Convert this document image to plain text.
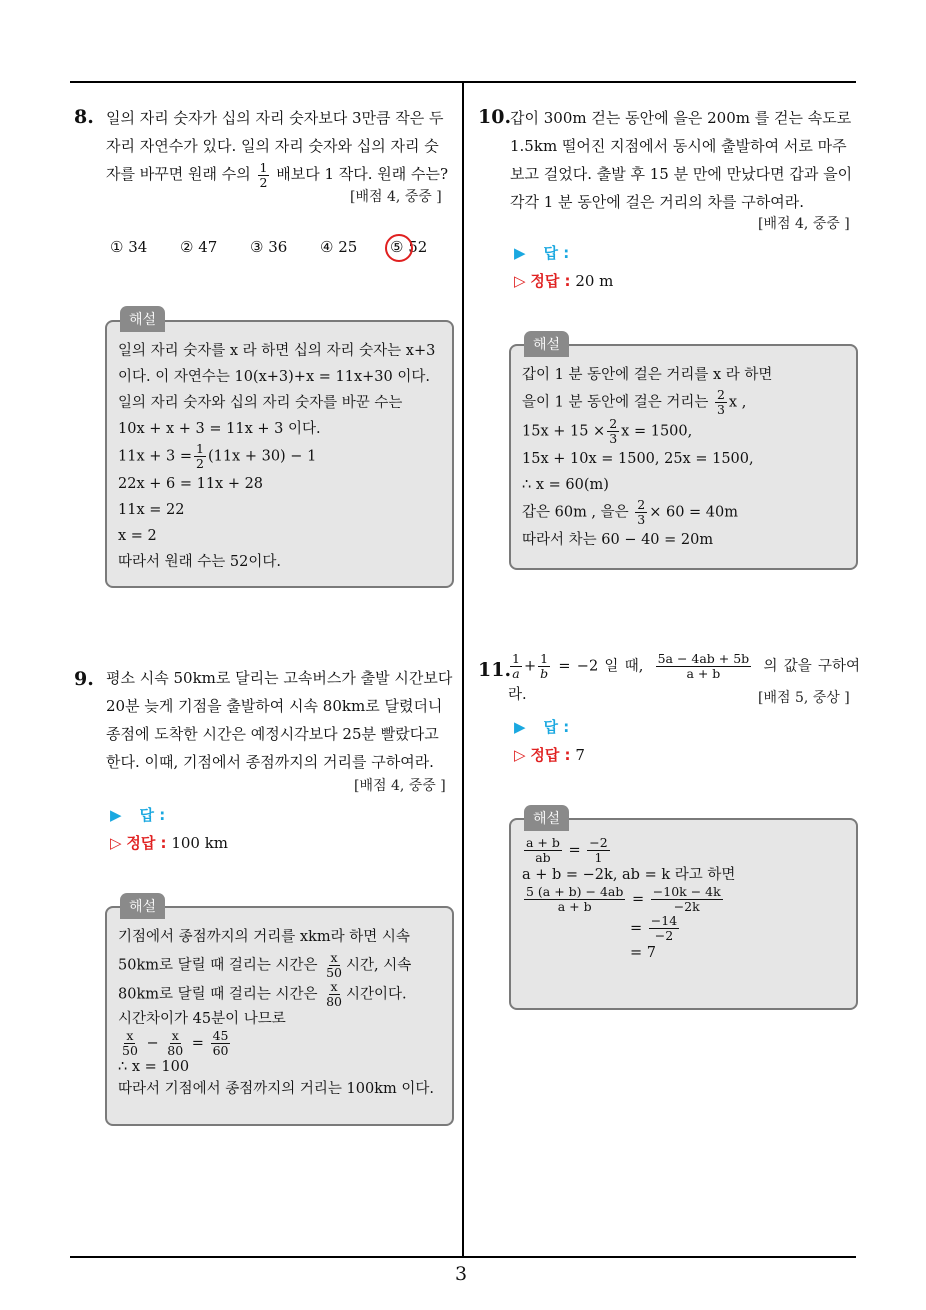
3
8. 일의 자리 숫자가 십의 자리 숫자보다 3만큼 작은 두
자리 자연수가 있다. 일의 자리 숫자와 십의 자리 숫
자를 바꾸면 원래 수의 $\frac{1}{2}$ 배보다 1 작다. 원래 수는?
[배점 4, 중중 ]
① 34	② 47	③ 36	④ 25	⑤ 52
해설
일의 자리 숫자를 x 라 하면 십의 자리 숫자는 x+3
이다. 이 자연수는 10(x+3)+x = 11x+30 이다.
일의 자리 숫자와 십의 자리 숫자를 바꾼 수는
10x + x + 3 = 11x + 3 이다.
$11x + 3 = \frac{1}{2} (11x + 30) - 1$
22x + 6 = 11x + 28
11x = 22
x = 2
따라서 원래 수는 52이다.
9. 평소 시속 50km로 달리는 고속버스가 출발 시간보다
20분 늦게 기점을 출발하여 시속 80km로 달렸더니
종점에 도착한 시간은 예정시각보다 25분 빨랐다고
한다. 이때, 기점에서 종점까지의 거리를 구하여라.
[배점 4, 중중 ]
▶ 답 :
▷ 정답 : 100 km
해설
기점에서 종점까지의 거리를 xkm라 하면 시속
50km로 달릴 때 걸리는 시간은 $\frac{x}{50}$ 시간, 시속
80km로 달릴 때 걸리는 시간은 $\frac{x}{80}$ 시간이다.
시간차이가 45분이 나므로
$\frac{x}{50} - \frac{x}{80} = \frac{45}{60}$
∴ x = 100
따라서 기점에서 종점까지의 거리는 100km 이다.
10.
갑이 300m 걷는 동안에 을은 200m 를 걷는 속도로
1.5km 떨어진 지점에서 동시에 출발하여 서로 마주
보고 걸었다. 출발 후 15 분 만에 만났다면 갑과 을이
각각 1 분 동안에 걸은 거리의 차를 구하여라.
[배점 4, 중중 ]
▶ 답 :
▷ 정답 : 20 m
해설
갑이 1 분 동안에 걸은 거리를 x 라 하면
을이 1 분 동안에 걸은 거리는 $\frac{2}{3}$ x ,
$15x + 15 \times \frac{2}{3}$ x = 1500,
15x + 10x = 1500, 25x = 1500,
∴ x = 60(m)
갑은 60m , 을은 $\frac{2}{3} \times 60 = 40m$
따라서 차는 60 − 40 = 20m
11.
$\frac{1}{a} + \frac{1}{b} = -2$ 일 때, $\frac{5a - 4ab + 5b}{a + b}$ 의 값을 구하여라.	[배점 5, 중상 ]
▶ 답 :
▷ 정답 : 7
해설
$\frac{a + b}{ab} = \frac{-2}{1}$
a + b = −2k, ab = k 라고 하면
$\frac{5 (a + b) - 4ab}{a + b} = \frac{-10k - 4k}{-2k}$
= $\frac{-14}{-2}$
= 7
